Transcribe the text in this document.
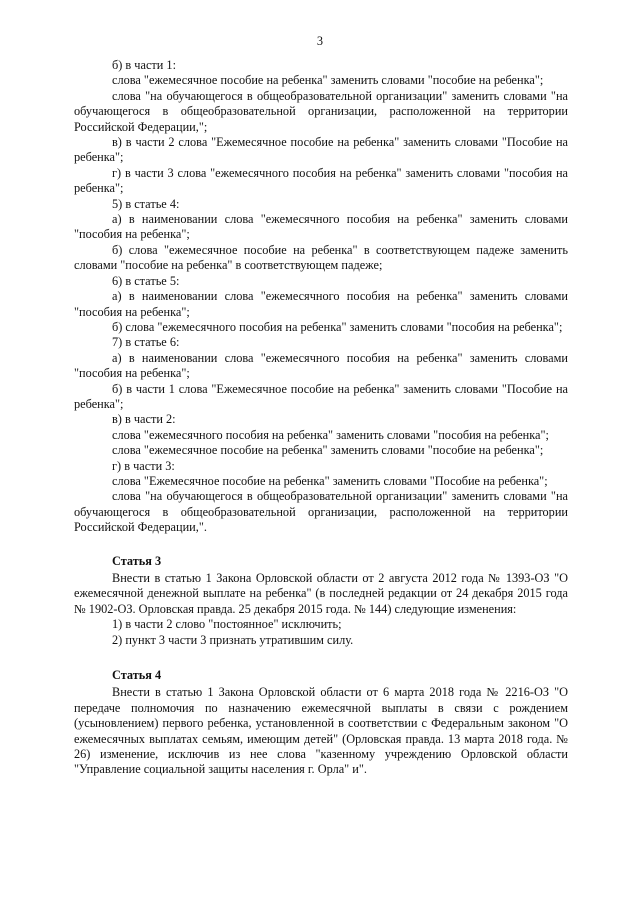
3

б) в части 1:

слова "ежемесячное пособие на ребенка" заменить словами "пособие на ребенка";

слова "на обучающегося в общеобразовательной организации" заменить словами "на обучающегося в общеобразовательной организации, расположенной на территории Российской Федерации,";

в) в части 2 слова "Ежемесячное пособие на ребенка" заменить словами "Пособие на ребенка";

г) в части 3 слова "ежемесячного пособия на ребенка" заменить словами "пособия на ребенка";

5) в статье 4:

а) в наименовании слова "ежемесячного пособия на ребенка" заменить словами "пособия на ребенка";

б) слова "ежемесячное пособие на ребенка" в соответствующем падеже заменить словами "пособие на ребенка" в соответствующем падеже;

6) в статье 5:

а) в наименовании слова "ежемесячного пособия на ребенка" заменить словами "пособия на ребенка";

б) слова "ежемесячного пособия на ребенка" заменить словами "пособия на ребенка";

7) в статье 6:

а) в наименовании слова "ежемесячного пособия на ребенка" заменить словами "пособия на ребенка";

б) в части 1 слова "Ежемесячное пособие на ребенка" заменить словами "Пособие на ребенка";

в) в части 2:

слова "ежемесячного пособия на ребенка" заменить словами "пособия на ребенка";

слова "ежемесячное пособие на ребенка" заменить словами "пособие на ребенка";

г) в части 3:

слова "Ежемесячное пособие на ребенка" заменить словами "Пособие на ребенка";

слова "на обучающегося в общеобразовательной организации" заменить словами "на обучающегося в общеобразовательной организации, расположенной на территории Российской Федерации,".

Статья 3

Внести в статью 1 Закона Орловской области от 2 августа 2012 года № 1393-ОЗ "О ежемесячной денежной выплате на ребенка" (в последней редакции от 24 декабря 2015 года № 1902-ОЗ. Орловская правда. 25 декабря 2015 года. № 144) следующие изменения:

1) в части 2 слово "постоянное" исключить;

2) пункт 3 части 3 признать утратившим силу.

Статья 4

Внести в статью 1 Закона Орловской области от 6 марта 2018 года № 2216-ОЗ "О передаче полномочия по назначению ежемесячной выплаты в связи с рождением (усыновлением) первого ребенка, установленной в соответствии с Федеральным законом "О ежемесячных выплатах семьям, имеющим детей" (Орловская правда. 13 марта 2018 года. № 26) изменение, исключив из нее слова "казенному учреждению Орловской области "Управление социальной защиты населения г. Орла" и".
